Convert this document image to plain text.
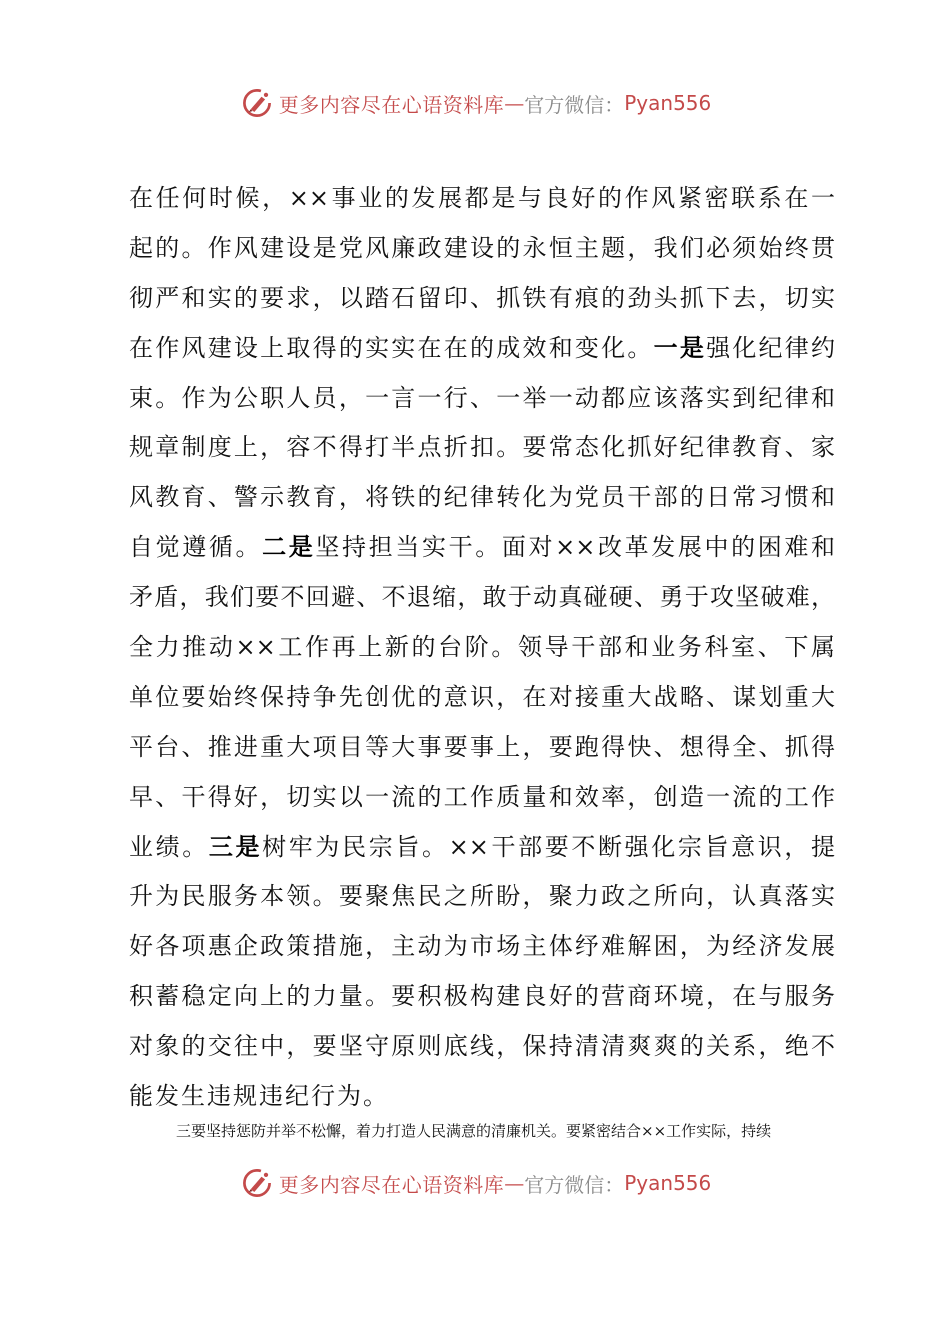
更多内容尽在心语资料库 — 官方微信： Pyan556
在任何时候，××事业的发展都是与良好的作风紧密联系在一
起的。作风建设是党风廉政建设的永恒主题，我们必须始终贯
彻严和实的要求，以踏石留印、抓铁有痕的劲头抓下去，切实
在作风建设上取得的实实在在的成效和变化。一是强化纪律约
束。作为公职人员，一言一行、一举一动都应该落实到纪律和
规章制度上，容不得打半点折扣。要常态化抓好纪律教育、家
风教育、警示教育，将铁的纪律转化为党员干部的日常习惯和
自觉遵循。二是坚持担当实干。面对××改革发展中的困难和
矛盾，我们要不回避、不退缩，敢于动真碰硬、勇于攻坚破难，
全力推动××工作再上新的台阶。领导干部和业务科室、下属
单位要始终保持争先创优的意识，在对接重大战略、谋划重大
平台、推进重大项目等大事要事上，要跑得快、想得全、抓得
早、干得好，切实以一流的工作质量和效率，创造一流的工作
业绩。三是树牢为民宗旨。××干部要不断强化宗旨意识，提
升为民服务本领。要聚焦民之所盼，聚力政之所向，认真落实
好各项惠企政策措施，主动为市场主体纾难解困，为经济发展
积蓄稳定向上的力量。要积极构建良好的营商环境，在与服务
对象的交往中，要坚守原则底线，保持清清爽爽的关系，绝不
能发生违规违纪行为。
三要坚持惩防并举不松懈，着力打造人民满意的清廉机关。要紧密结合××工作实际，持续
更多内容尽在心语资料库 — 官方微信： Pyan556
